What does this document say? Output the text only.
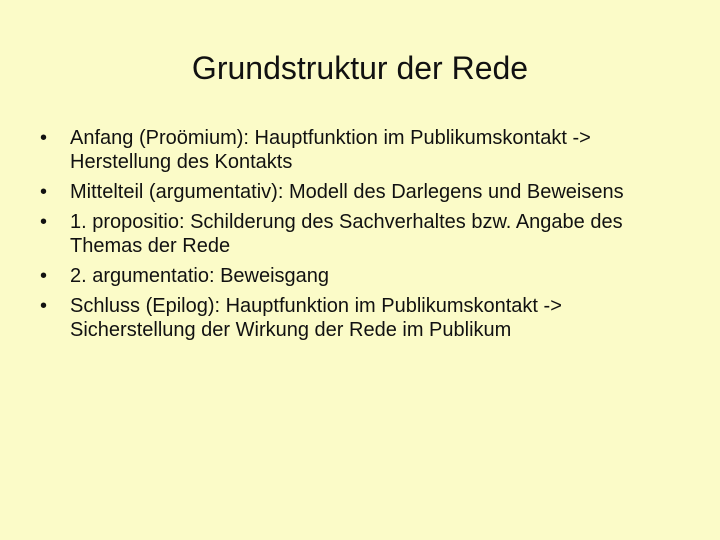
Grundstruktur der Rede
•	Anfang (Proömium): Hauptfunktion im Publikumskontakt -> Herstellung des Kontakts
•	Mittelteil (argumentativ): Modell des Darlegens und Beweisens
•	1. propositio: Schilderung des Sachverhaltes bzw. Angabe des Themas der Rede
•	2. argumentatio: Beweisgang
•	Schluss (Epilog): Hauptfunktion im Publikumskontakt -> Sicherstellung der Wirkung der Rede im Publikum
